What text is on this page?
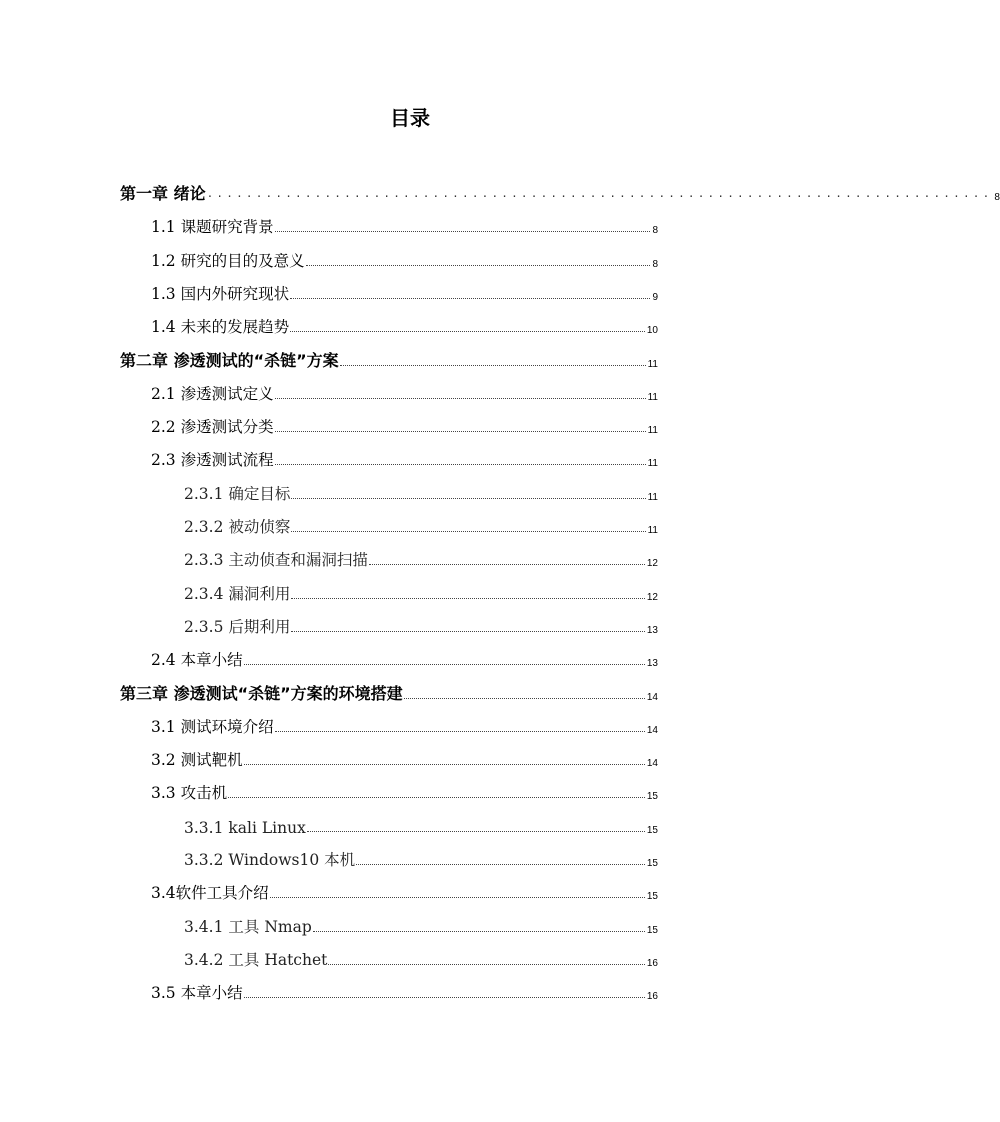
目录
第一章 绪论 ................................................................................ 8
1.1 课题研究背景	8
1.2 研究的目的及意义	8
1.3 国内外研究现状	9
1.4 未来的发展趋势	10
第二章 渗透测试的“杀链”方案	11
2.1 渗透测试定义	11
2.2 渗透测试分类	11
2.3 渗透测试流程	11
2.3.1 确定目标	11
2.3.2 被动侦察	11
2.3.3 主动侦查和漏洞扫描	12
2.3.4 漏洞利用	12
2.3.5 后期利用	13
2.4 本章小结	13
第三章 渗透测试“杀链”方案的环境搭建	14
3.1 测试环境介绍	14
3.2 测试靶机	14
3.3 攻击机	15
3.3.1 kali Linux	15
3.3.2 Windows10 本机	15
3.4软件工具介绍	15
3.4.1 工具 Nmap	15
3.4.2 工具 Hatchet	16
3.5 本章小结	16
